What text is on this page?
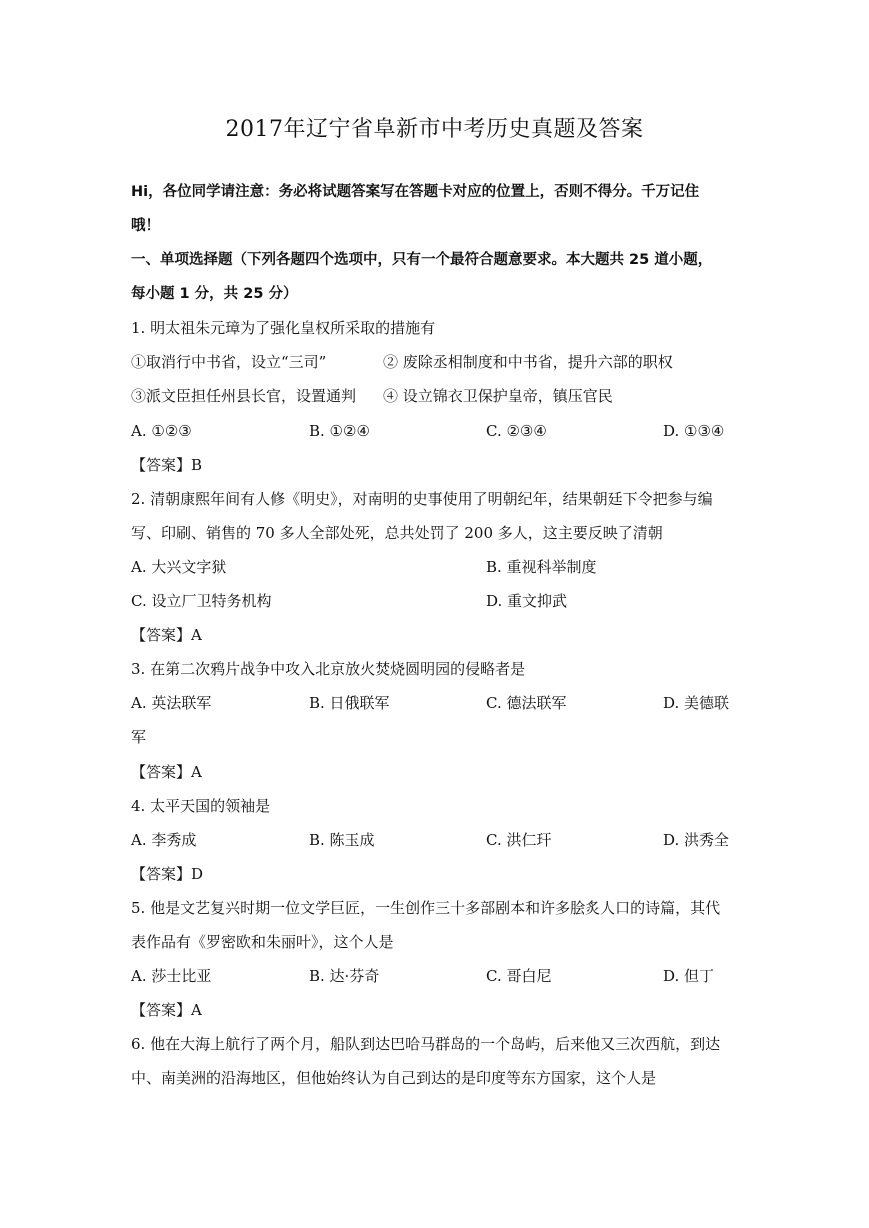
2017年辽宁省阜新市中考历史真题及答案
Hi，各位同学请注意：务必将试题答案写在答题卡对应的位置上，否则不得分。千万记住
哦！
一、单项选择题（下列各题四个选项中，只有一个最符合题意要求。本大题共 25 道小题，
每小题 1 分，共 25 分）
1. 明太祖朱元璋为了强化皇权所采取的措施有
①取消行中书省，设立“三司”	② 废除丞相制度和中书省，提升六部的职权
③派文臣担任州县长官，设置通判 ④ 设立锦衣卫保护皇帝，镇压官民
A. ①②③	B. ①②④	C. ②③④	D. ①③④
【答案】B
2. 清朝康熙年间有人修《明史》，对南明的史事使用了明朝纪年，结果朝廷下令把参与编
写、印刷、销售的 70 多人全部处死，总共处罚了 200 多人，这主要反映了清朝
A. 大兴文字狱	B. 重视科举制度
C. 设立厂卫特务机构	D. 重文抑武
【答案】A
3. 在第二次鸦片战争中攻入北京放火焚烧圆明园的侵略者是
A. 英法联军	B. 日俄联军	C. 德法联军	D. 美德联
军
【答案】A
4. 太平天国的领袖是
A. 李秀成	B. 陈玉成	C. 洪仁玕	D. 洪秀全
【答案】D
5. 他是文艺复兴时期一位文学巨匠，一生创作三十多部剧本和许多脍炙人口的诗篇，其代
表作品有《罗密欧和朱丽叶》，这个人是
A. 莎士比亚	B. 达·芬奇	C. 哥白尼	D. 但丁
【答案】A
6. 他在大海上航行了两个月，船队到达巴哈马群岛的一个岛屿，后来他又三次西航，到达
中、南美洲的沿海地区，但他始终认为自己到达的是印度等东方国家，这个人是
